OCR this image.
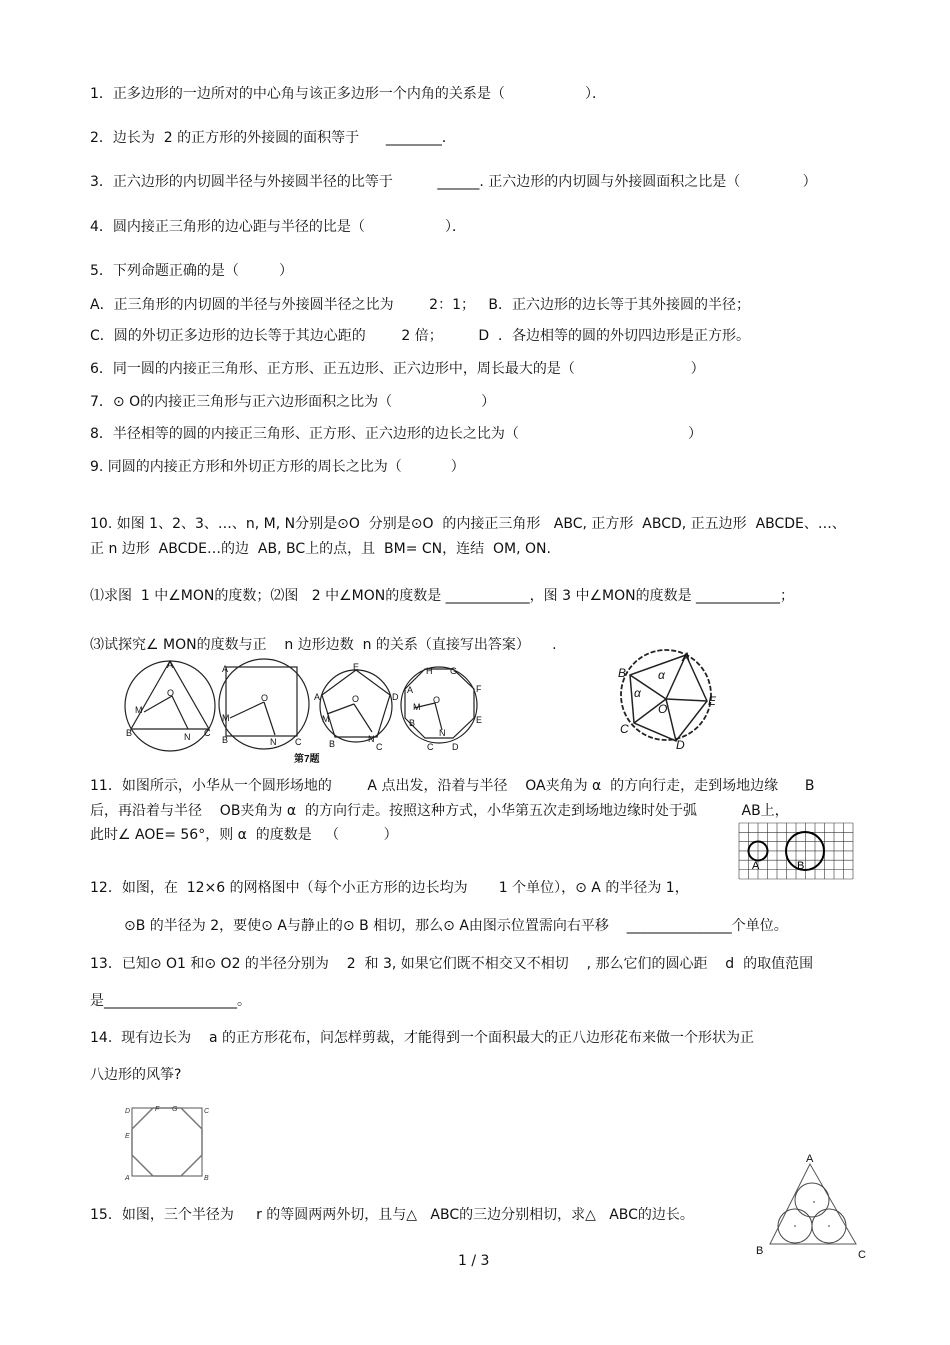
1．正多边形的一边所对的中心角与该正多边形一个内角的关系是（                  ）．
2．边长为  2 的正方形的外接圆的面积等于      ________．
3．正六边形的内切圆半径与外接圆半径的比等于          ______. 正六边形的内切圆与外接圆面积之比是（              ）
4．圆内接正三角形的边心距与半径的比是（                  ）．
5．下列命题正确的是（         ）
A．正三角形的内切圆的半径与外接圆半径之比为        2：1；   B．正六边形的边长等于其外接圆的半径；
C．圆的外切正多边形的边长等于其边心距的        2 倍；        D  ．各边相等的圆的外切四边形是正方形。
6．同一圆的内接正三角形、正方形、正五边形、正六边形中，周长最大的是（                          ）
7．⊙ O的内接正三角形与正六边形面积之比为（                    ）
8．半径相等的圆的内接正三角形、正方形、正六边形的边长之比为（                                      ）
9. 同圆的内接正方形和外切正方形的周长之比为（           ）
10. 如图 1、2、3、…、n, M, N分别是⊙O  分别是⊙O  的内接正三角形   ABC, 正方形  ABCD, 正五边形  ABCDE、…、
正 n 边形  ABCDE…的边  AB, BC上的点，且  BM= CN，连结  OM, ON.
⑴求图  1 中∠MON的度数；⑵图   2 中∠MON的度数是 ____________，图 3 中∠MON的度数是 ____________；
⑶试探究∠ MON的度数与正    n 边形边数  n 的关系（直接写出答案）     .
A
O
M
B	N C
A
O
M
B	N C
E
A	D
O
M
B	N
C
H G
F
A
E
O
M
B
N
C D
第7题
A
B
C
D
E
O
α
α
11．如图所示，小华从一个圆形场地的        A 点出发，沿着与半径    OA夹角为 α  的方向行走，走到场地边缘      B
后，再沿着与半径    OB夹角为 α  的方向行走。按照这种方式，小华第五次走到场地边缘时处于弧          AB上，
此时∠ AOE= 56°，则 α  的度数是   （          ）
A	B
12．如图，在  12×6 的网格图中（每个小正方形的边长均为       1 个单位），⊙ A 的半径为 1，
⊙B 的半径为 2，要使⊙ A与静止的⊙ B 相切，那么⊙ A由图示位置需向右平移    _______________个单位。
13．已知⊙ O1 和⊙ O2 的半径分别为    2  和 3, 如果它们既不相交又不相切    , 那么它们的圆心距    d  的取值范围
是___________________。
14.  现有边长为    a 的正方形花布，问怎样剪裁，才能得到一个面积最大的正八边形花布来做一个形状为正
八边形的风筝?
D	F G	C
E
A	B
15．如图，三个半径为     r 的等圆两两外切，且与△   ABC的三边分别相切，求△   ABC的边长。
A
B	C
1 / 3
